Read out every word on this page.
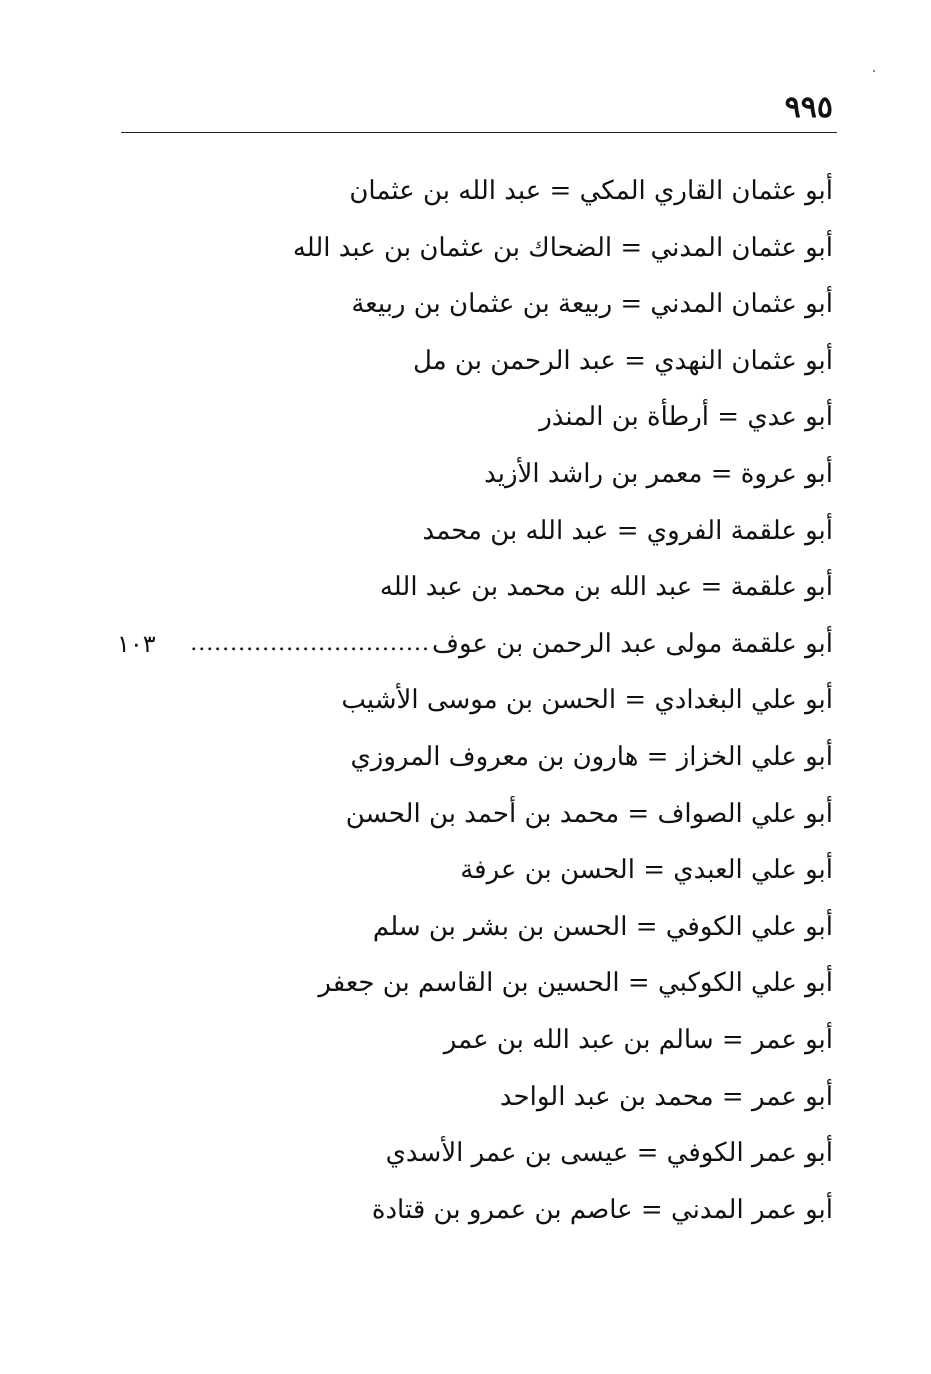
٩٩٥
أبو عثمان القاري المكي = عبد الله بن عثمان
أبو عثمان المدني = الضحاك بن عثمان بن عبد الله
أبو عثمان المدني = ربيعة بن عثمان بن ربيعة
أبو عثمان النهدي = عبد الرحمن بن مل
أبو عدي = أرطأة بن المنذر
أبو عروة = معمر بن راشد الأزيد
أبو علقمة الفروي = عبد الله بن محمد
أبو علقمة = عبد الله بن محمد بن عبد الله
أبو علقمة مولى عبد الرحمن بن عوف
..............................
١٠٣
أبو علي البغدادي = الحسن بن موسى الأشيب
أبو علي الخزاز = هارون بن معروف المروزي
أبو علي الصواف = محمد بن أحمد بن الحسن
أبو علي العبدي = الحسن بن عرفة
أبو علي الكوفي = الحسن بن بشر بن سلم
أبو علي الكوكبي = الحسين بن القاسم بن جعفر
أبو عمر = سالم بن عبد الله بن عمر
أبو عمر = محمد بن عبد الواحد
أبو عمر الكوفي = عيسى بن عمر الأسدي
أبو عمر المدني = عاصم بن عمرو بن قتادة
